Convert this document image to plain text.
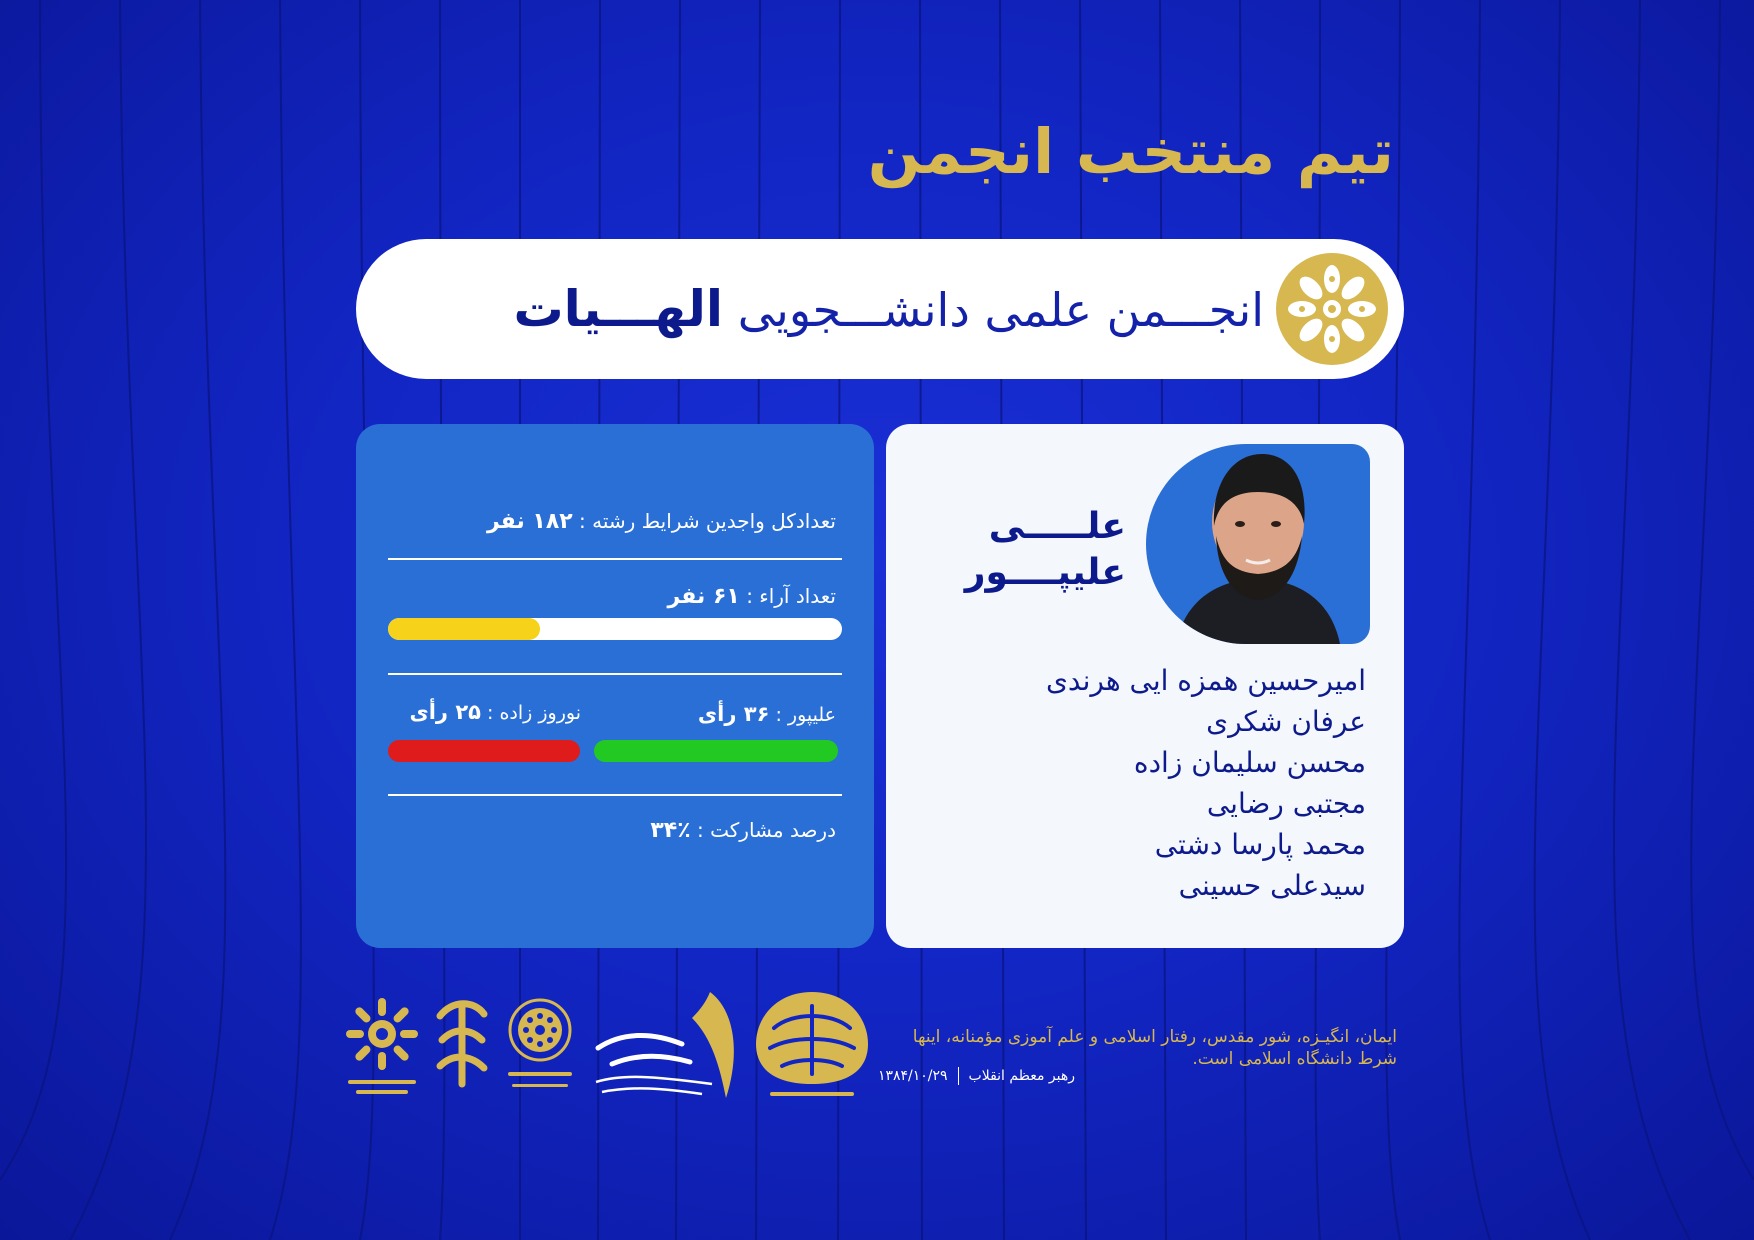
تیم منتخب انجمن
انجـــمن علمی دانشـــجویی الهـــیات
تعدادکل واجدین شرایط رشته : ۱۸۲ نفر
تعداد آراء : ۶۱ نفر
علیپور : ۳۶ رأی
نوروز زاده : ۲۵ رأی
درصد مشارکت : ٪۳۴
علـــــی
علیپــــور
امیرحسین همزه ایی هرندی
عرفان شکری
محسن سلیمان زاده
مجتبی رضایی
محمد پارسا دشتی
سیدعلی حسینی
ایمان، انگیـزه، شور مقدس، رفتار اسلامی و علم آموزی مؤمنانه، اینها شرط دانشگاه اسلامی است.
رهبر معظم انقلاب۱۳۸۴/۱۰/۲۹
